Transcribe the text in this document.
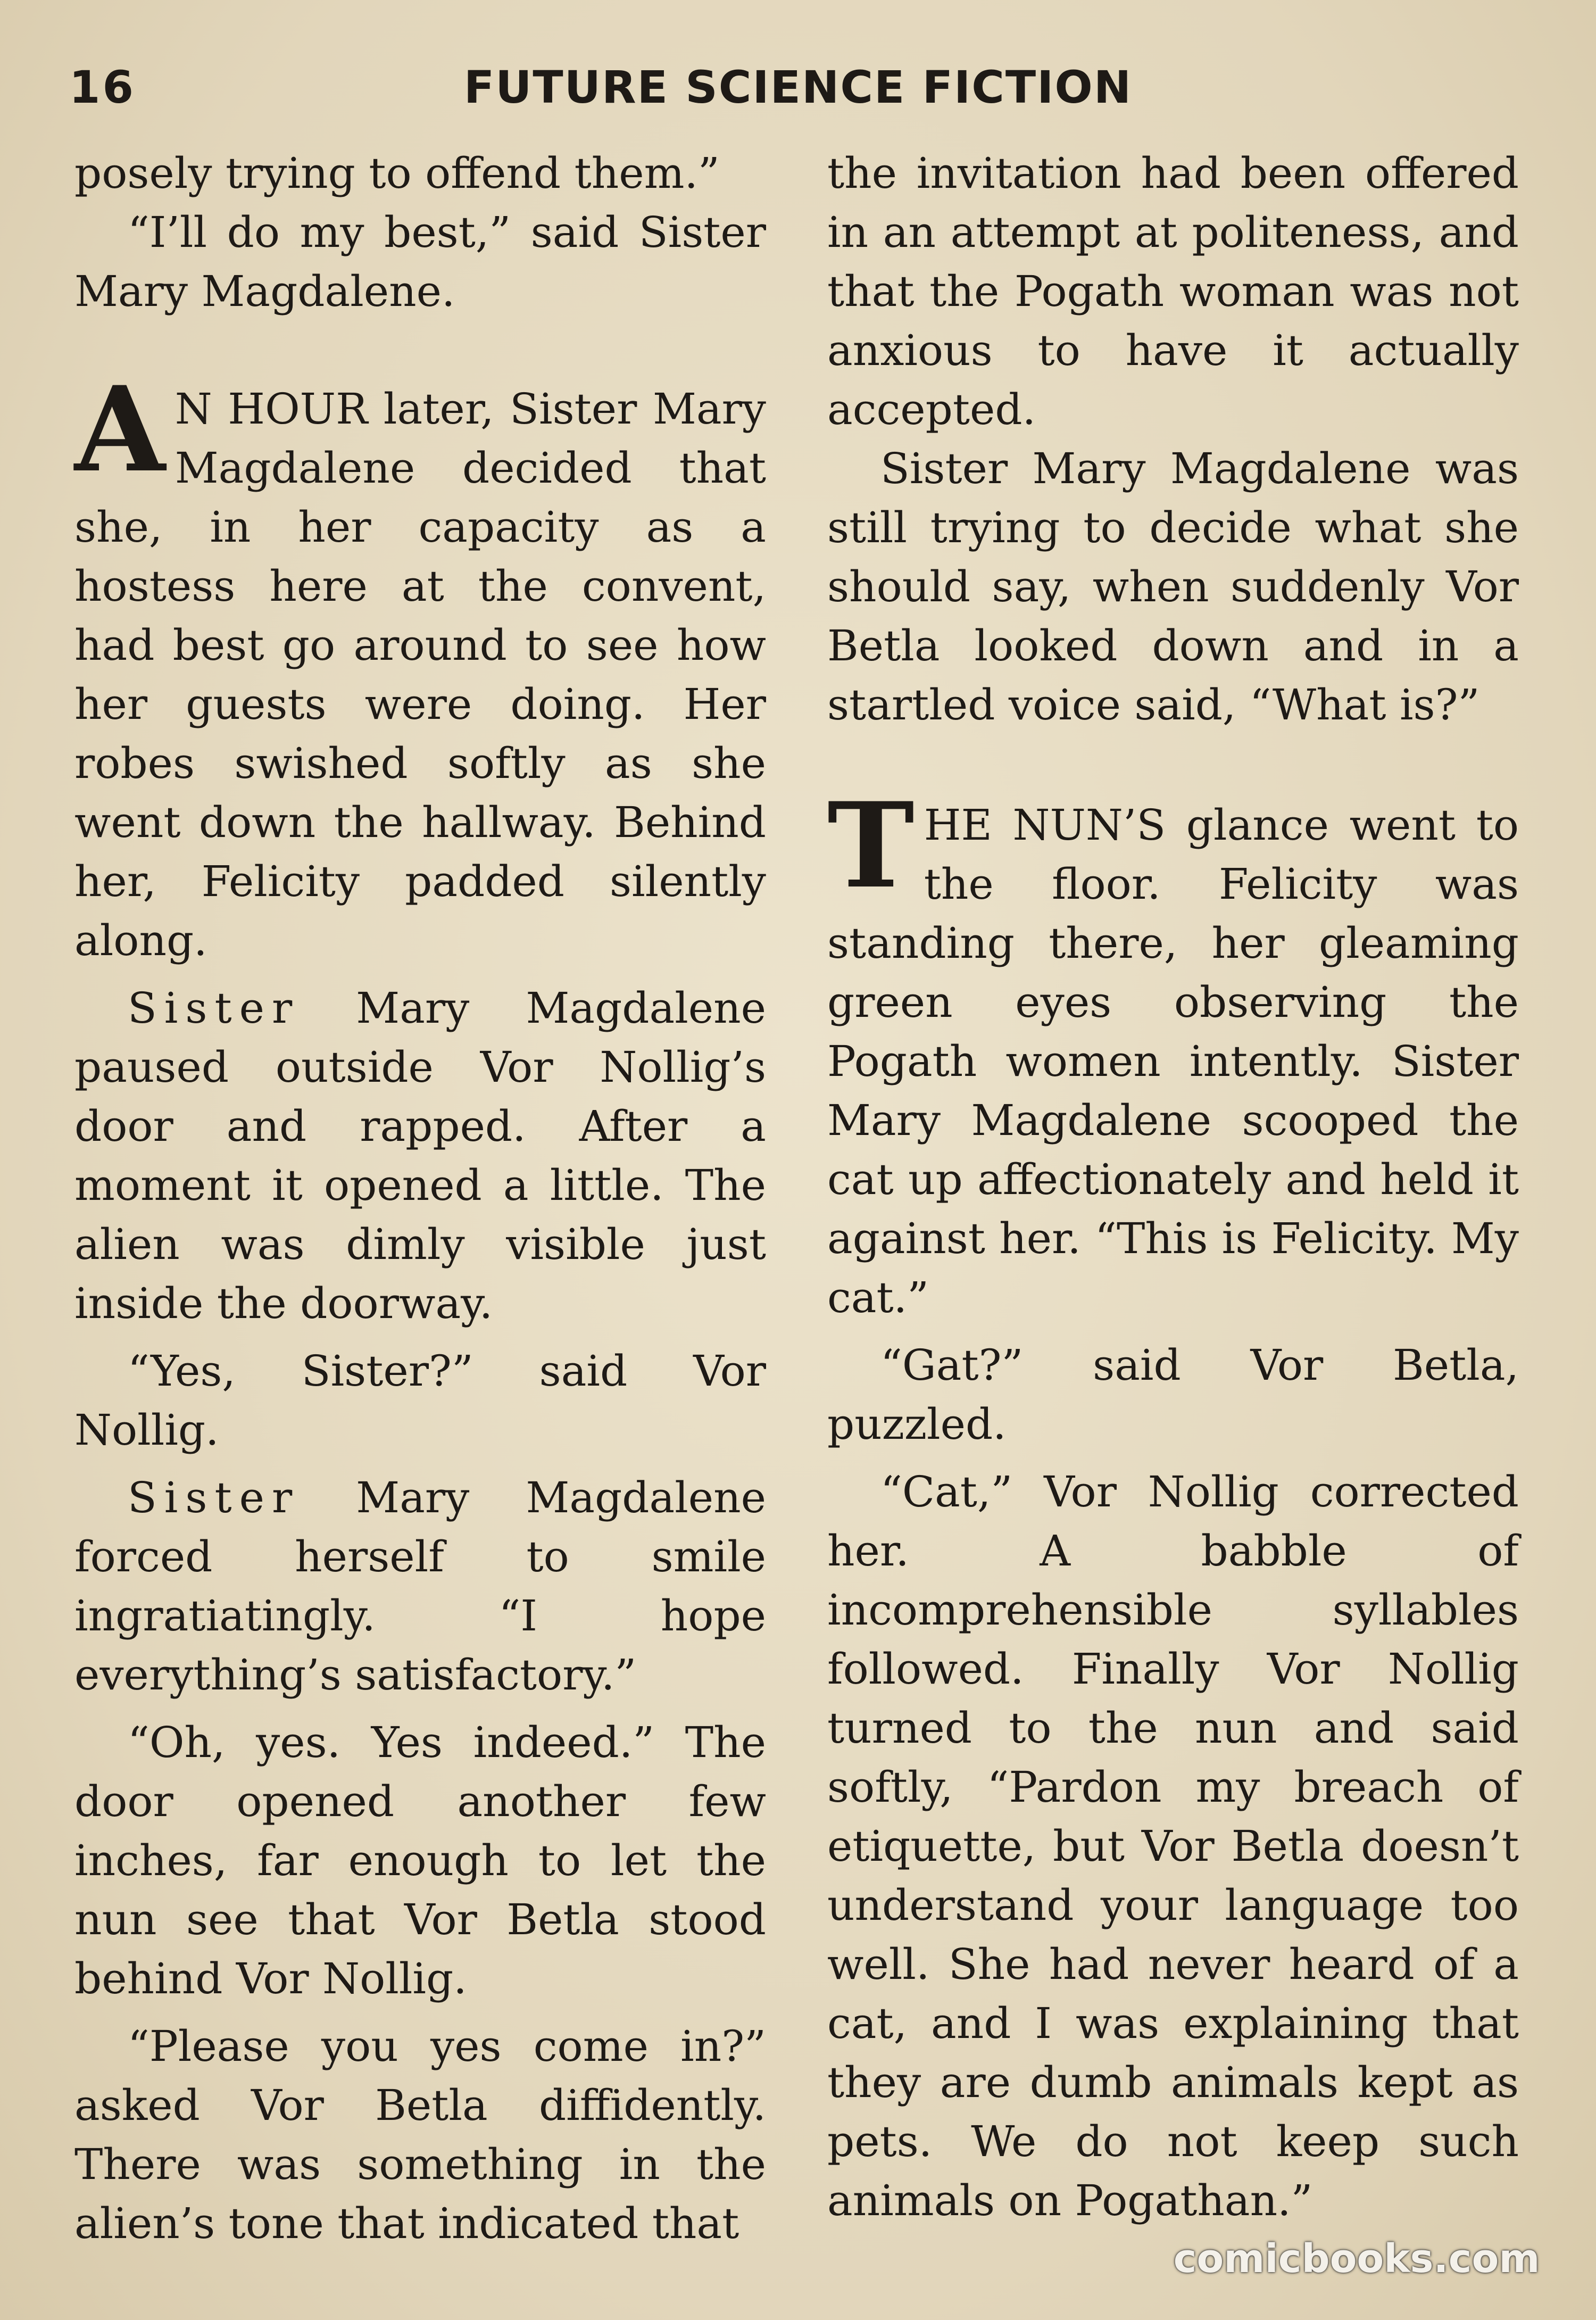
16	FUTURE SCIENCE FICTION

posely trying to offend them.”

“I’ll do my best,” said Sister Mary Magdalene.

A N HOUR later, Sister Mary Magdalene decided that she, in her capacity as a hostess here at the convent, had best go around to see how her guests were doing. Her robes swished softly as she went down the hallway. Behind her, Felicity padded silently along.

Sister Mary Magdalene paused outside Vor Nollig’s door and rapped. After a moment it opened a little. The alien was dimly visible just inside the doorway.

“Yes, Sister?” said Vor Nollig.

Sister Mary Magdalene forced herself to smile ingratiatingly. “I hope everything’s satisfactory.”

“Oh, yes. Yes indeed.” The door opened another few inches, far enough to let the nun see that Vor Betla stood behind Vor Nollig.

“Please you yes come in?” asked Vor Betla diffidently. There was something in the alien’s tone that indicated that

the invitation had been offered in an attempt at politeness, and that the Pogath woman was not anxious to have it actually accepted.

Sister Mary Magdalene was still trying to decide what she should say, when suddenly Vor Betla looked down and in a startled voice said, “What is?”

THE NUN’S glance went to the floor. Felicity was standing there, her gleaming green eyes observing the Pogath women intently. Sister Mary Magdalene scooped the cat up affectionately and held it against her. “This is Felicity. My cat.”

“Gat?” said Vor Betla, puzzled.

“Cat,” Vor Nollig corrected her. A babble of incomprehensible syllables followed. Finally Vor Nollig turned to the nun and said softly, “Pardon my breach of etiquette, but Vor Betla doesn’t understand your language too well. She had never heard of a cat, and I was explaining that they are dumb animals kept as pets. We do not keep such animals on Pogathan.”

comicbooks.com
